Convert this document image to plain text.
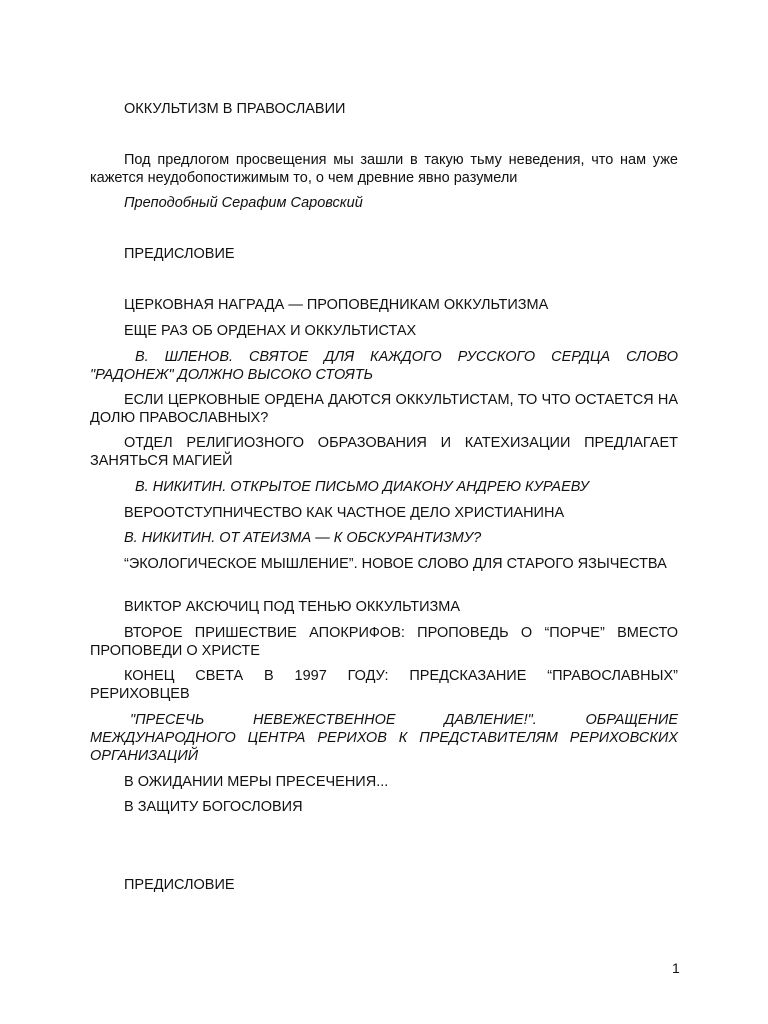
ОККУЛЬТИЗМ В ПРАВОСЛАВИИ
Под предлогом просвещения мы зашли в такую тьму неведения, что нам уже кажется неудобопостижимым то, о чем древние явно разумели
Преподобный Серафим Саровский
ПРЕДИСЛОВИЕ
ЦЕРКОВНАЯ НАГРАДА — ПРОПОВЕДНИКАМ ОККУЛЬТИЗМА
ЕЩЕ РАЗ ОБ ОРДЕНАХ И ОККУЛЬТИСТАХ
В. ШЛЕНОВ. СВЯТОЕ ДЛЯ КАЖДОГО РУССКОГО СЕРДЦА СЛОВО "РАДОНЕЖ" ДОЛЖНО ВЫСОКО СТОЯТЬ
ЕСЛИ ЦЕРКОВНЫЕ ОРДЕНА ДАЮТСЯ ОККУЛЬТИСТАМ, ТО ЧТО ОСТАЕТСЯ НА ДОЛЮ ПРАВОСЛАВНЫХ?
ОТДЕЛ РЕЛИГИОЗНОГО ОБРАЗОВАНИЯ И КАТЕХИЗАЦИИ ПРЕДЛАГАЕТ ЗАНЯТЬСЯ МАГИЕЙ
В. НИКИТИН. ОТКРЫТОЕ ПИСЬМО ДИАКОНУ АНДРЕЮ КУРАЕВУ
ВЕРООТСТУПНИЧЕСТВО КАК ЧАСТНОЕ ДЕЛО ХРИСТИАНИНА
В. НИКИТИН. ОТ АТЕИЗМА — К ОБСКУРАНТИЗМУ?
“ЭКОЛОГИЧЕСКОЕ МЫШЛЕНИЕ”. НОВОЕ СЛОВО ДЛЯ СТАРОГО ЯЗЫЧЕСТВА
ВИКТОР АКСЮЧИЦ ПОД ТЕНЬЮ ОККУЛЬТИЗМА
ВТОРОЕ ПРИШЕСТВИЕ АПОКРИФОВ: ПРОПОВЕДЬ О “ПОРЧЕ” ВМЕСТО ПРОПОВЕДИ О ХРИСТЕ
КОНЕЦ СВЕТА В 1997 ГОДУ: ПРЕДСКАЗАНИЕ “ПРАВОСЛАВНЫХ” РЕРИХОВЦЕВ
"ПРЕСЕЧЬ НЕВЕЖЕСТВЕННОЕ ДАВЛЕНИЕ!". ОБРАЩЕНИЕ МЕЖДУНАРОДНОГО ЦЕНТРА РЕРИХОВ К ПРЕДСТАВИТЕЛЯМ РЕРИХОВСКИХ ОРГАНИЗАЦИЙ
В ОЖИДАНИИ МЕРЫ ПРЕСЕЧЕНИЯ...
В ЗАЩИТУ БОГОСЛОВИЯ
ПРЕДИСЛОВИЕ
1
